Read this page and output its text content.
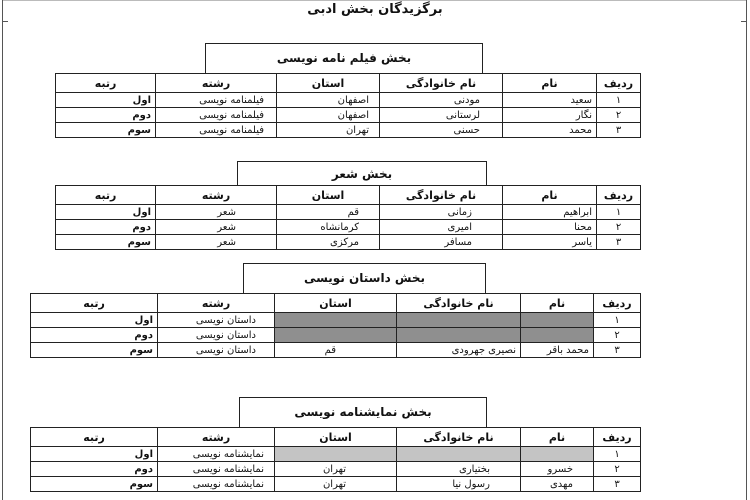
برگزیدگان بخش ادبی
بخش فیلم نامه نویسی
ردیف	نام	نام خانوادگی	استان	رشته	رتبه
۱	سعید	مودنی	اصفهان	فیلمنامه نویسی	اول
۲	نگار	لرستانی	اصفهان	فیلمنامه نویسی	دوم
۳	محمد	حسنی	تهران	فیلمنامه نویسی	سوم
بخش شعر
ردیف	نام	نام خانوادگی	استان	رشته	رتبه
۱	ابراهیم	زمانی	قم	شعر	اول
۲	محنا	امیری	کرمانشاه	شعر	دوم
۳	یاسر	مسافر	مرکزی	شعر	سوم
بخش داستان نویسی
ردیف	نام	نام خانوادگی	استان	رشته	رتبه
۱				داستان نویسی	اول
۲				داستان نویسی	دوم
۳	محمد باقر	نصیری جهرودی	قم	داستان نویسی	سوم
بخش نمایشنامه نویسی
ردیف	نام	نام خانوادگی	استان	رشته	رتبه
۱				نمایشنامه نویسی	اول
۲	خسرو	بختیاری	تهران	نمایشنامه نویسی	دوم
۳	مهدی	رسول نیا	تهران	نمایشنامه نویسی	سوم
